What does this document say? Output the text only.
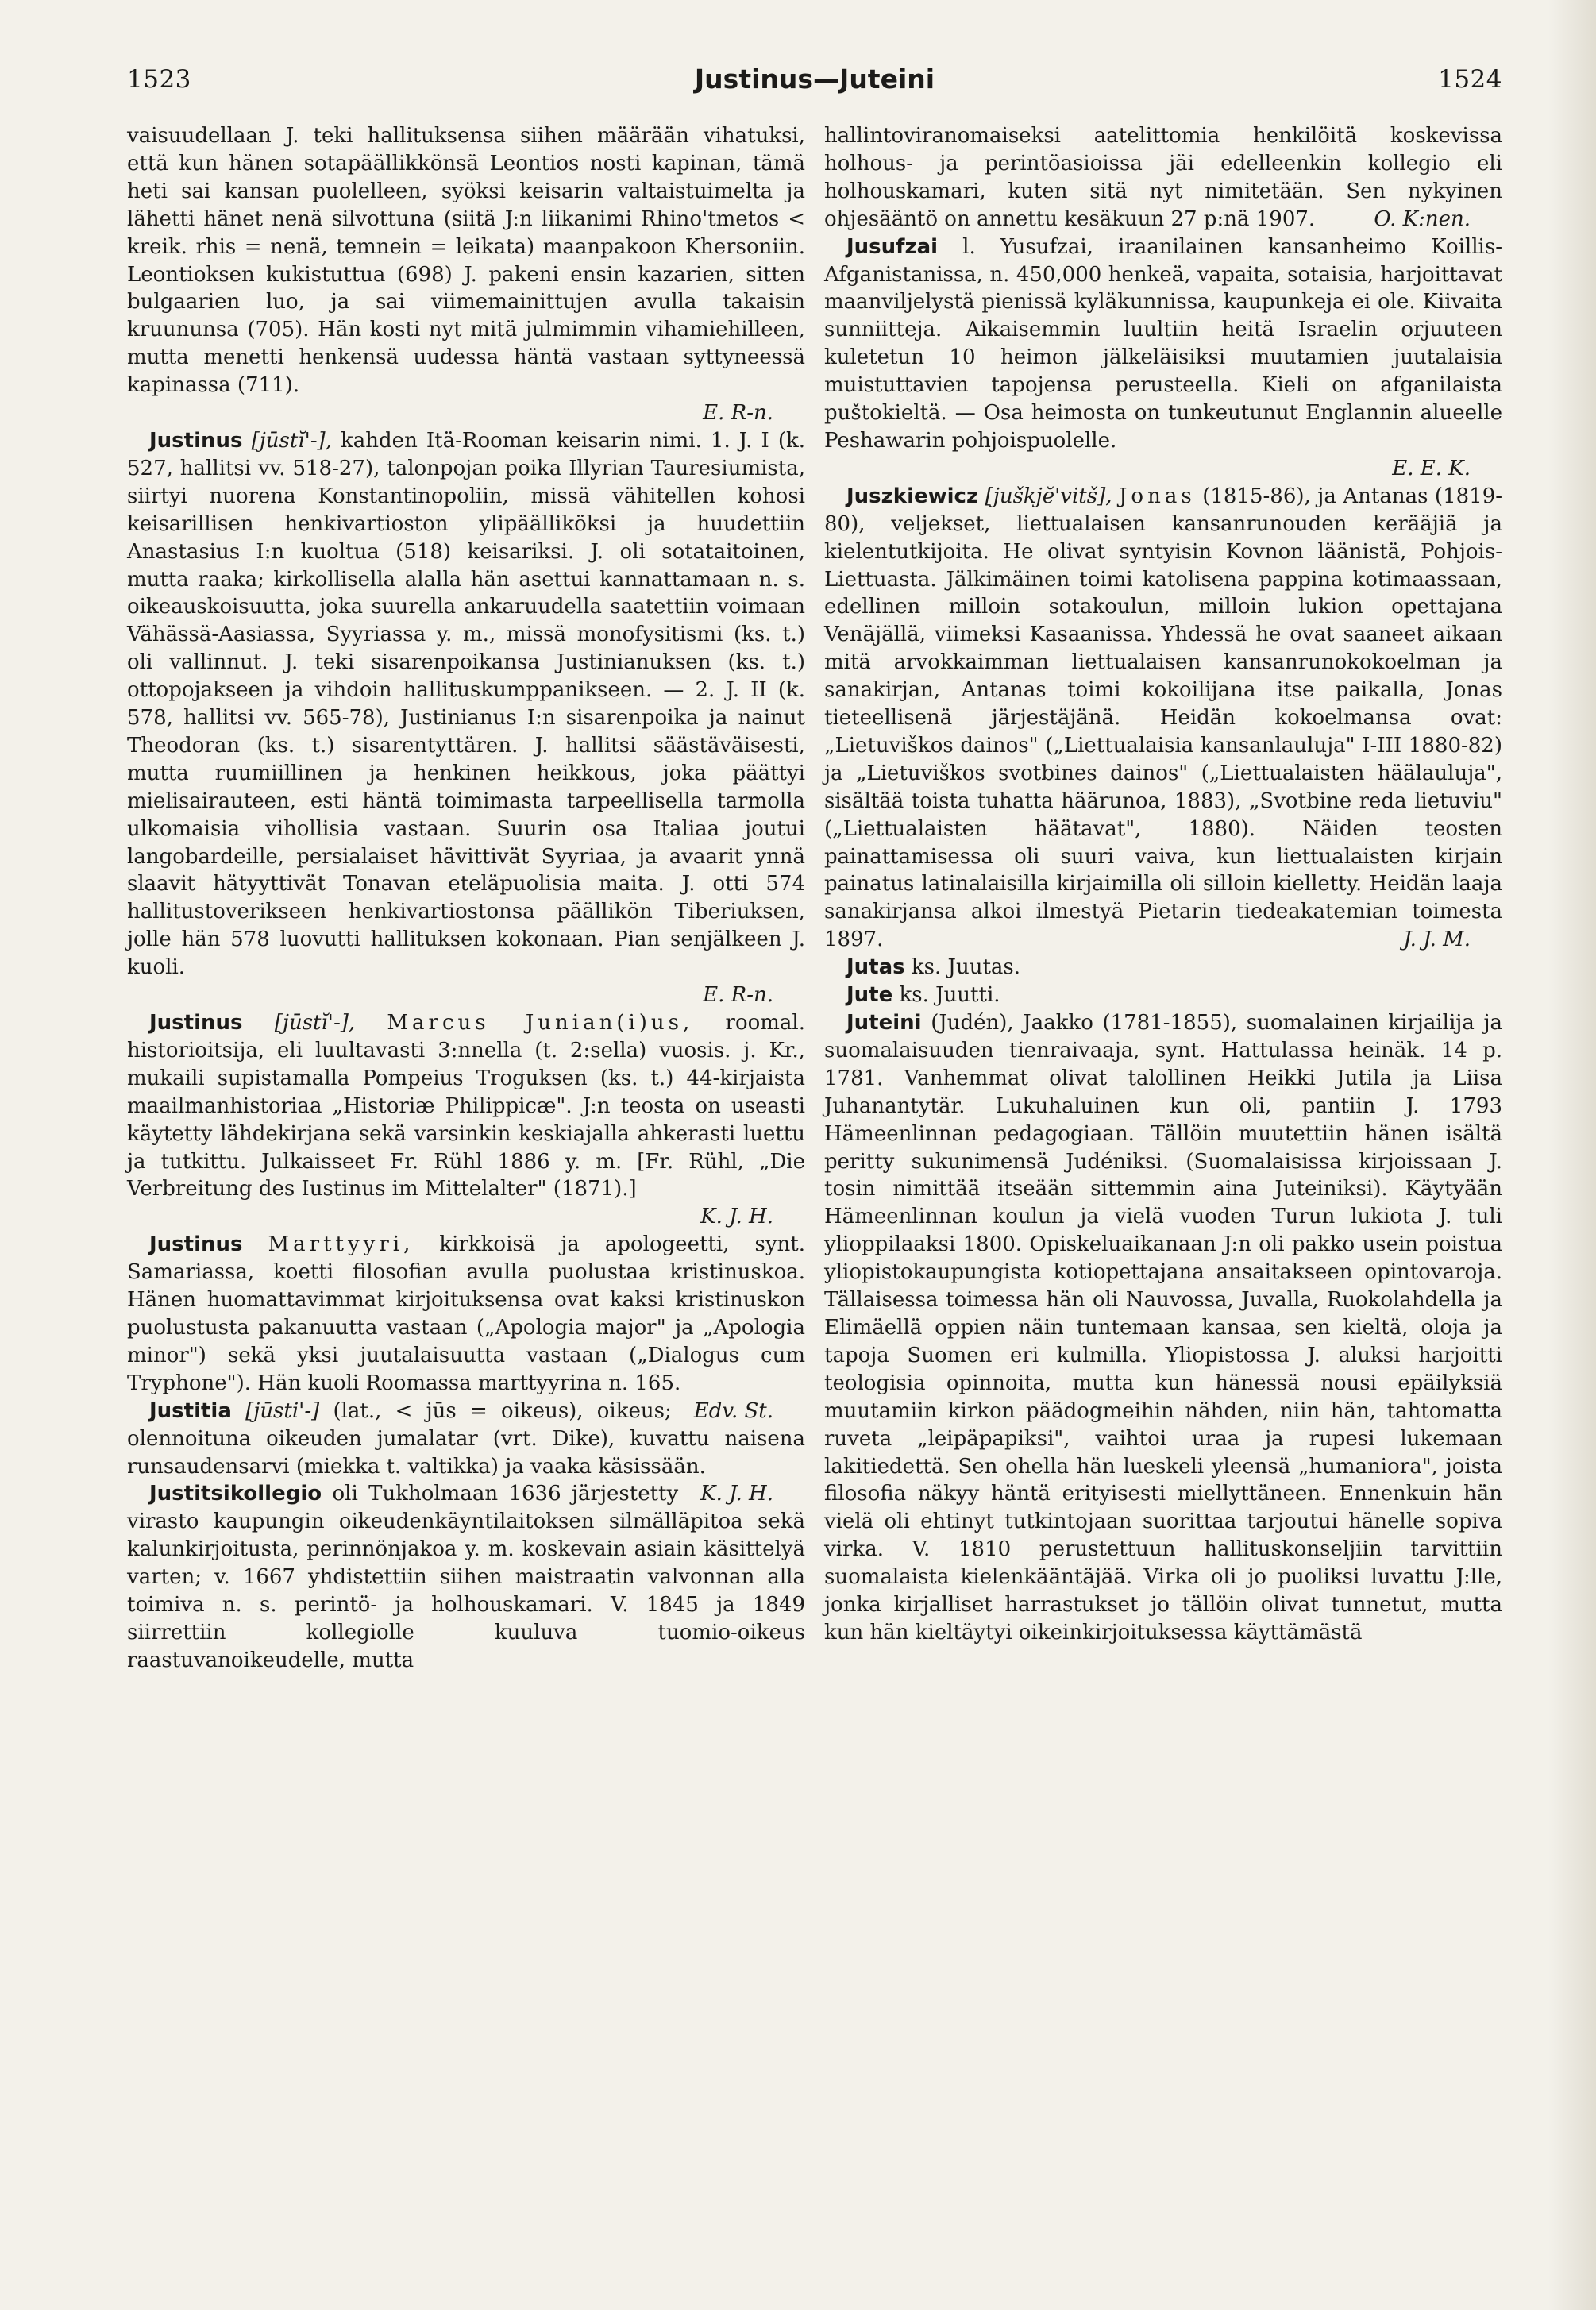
1523	Justinus—Juteini	1524

vaisuudellaan J. teki hallituksensa siihen määrään vihatuksi, että kun hänen sotapäällikkönsä Leontios nosti kapinan, tämä heti sai kansan puolelleen, syöksi keisarin valtaistuimelta ja lähetti hänet nenä silvottuna (siitä J:n liikanimi Rhino'tmetos < kreik. rhis = nenä, temnein = leikata) maanpakoon Khersoniin. Leontioksen kukistuttua (698) J. pakeni ensin kazarien, sitten bulgaarien luo, ja sai viimemainittujen avulla takaisin kruununsa (705). Hän kosti nyt mitä julmimmin vihamiehilleen, mutta menetti henkensä uudessa häntä vastaan syttyneessä kapinassa (711).
E. R-n.

Justinus [jūstĭ'-], kahden Itä-Rooman keisarin nimi. 1. J. I (k. 527, hallitsi vv. 518-27), talonpojan poika Illyrian Tauresiumista, siirtyi nuorena Konstantinopoliin, missä vähitellen kohosi keisarillisen henkivartioston ylipäälliköksi ja huudettiin Anastasius I:n kuoltua (518) keisariksi. J. oli sotataitoinen, mutta raaka; kirkollisella alalla hän asettui kannattamaan n. s. oikeauskoisuutta, joka suurella ankaruudella saatettiin voimaan Vähässä-Aasiassa, Syyriassa y. m., missä monofysitismi (ks. t.) oli vallinnut. J. teki sisarenpoikansa Justinianuksen (ks. t.) ottopojakseen ja vihdoin hallituskumppanikseen. — 2. J. II (k. 578, hallitsi vv. 565-78), Justinianus I:n sisarenpoika ja nainut Theodoran (ks. t.) sisarentyttären. J. hallitsi säästäväisesti, mutta ruumiillinen ja henkinen heikkous, joka päättyi mielisairauteen, esti häntä toimimasta tarpeellisella tarmolla ulkomaisia vihollisia vastaan. Suurin osa Italiaa joutui langobardeille, persialaiset hävittivät Syyriaa, ja avaarit ynnä slaavit hätyyttivät Tonavan eteläpuolisia maita. J. otti 574 hallitustoverikseen henkivartiostonsa päällikön Tiberiuksen, jolle hän 578 luovutti hallituksen kokonaan. Pian senjälkeen J. kuoli.
E. R-n.

Justinus [jūstĭ'-], Marcus Junian(i)us, roomal. historioitsija, eli luultavasti 3:nnella (t. 2:sella) vuosis. j. Kr., mukaili supistamalla Pompeius Troguksen (ks. t.) 44-kirjaista maailmanhistoriaa „Historiæ Philippicæ". J:n teosta on useasti käytetty lähdekirjana sekä varsinkin keskiajalla ahkerasti luettu ja tutkittu. Julkaisseet Fr. Rühl 1886 y. m. [Fr. Rühl, „Die Verbreitung des Iustinus im Mittelalter" (1871).]
K. J. H.

Justinus Marttyyri, kirkkoisä ja apologeetti, synt. Samariassa, koetti filosofian avulla puolustaa kristinuskoa. Hänen huomattavimmat kirjoituksensa ovat kaksi kristinuskon puolustusta pakanuutta vastaan („Apologia major" ja „Apologia minor") sekä yksi juutalaisuutta vastaan („Dialogus cum Tryphone"). Hän kuoli Roomassa marttyyrina n. 165.
Edv. St.

Justitia [jūsti'-] (lat., < jūs = oikeus), oikeus; olennoitunа oikeuden jumalatar (vrt. Dike), kuvattu naisena runsaudensarvi (miekka t. valtikka) ja vaaka käsissään.
K. J. H.

Justitsikollegio oli Tukholmaan 1636 järjestetty virasto kaupungin oikeudenkäyntilaitoksen silmälläpitoa sekä kalunkirjoitusta, perinnönjakoa y. m. koskevain asiain käsittelyä varten; v. 1667 yhdistettiin siihen maistraatin valvonnan alla toimiva n. s. perintö- ja holhouskamari. V. 1845 ja 1849 siirrettiin kollegiolle kuuluva tuomio-oikeus raastuvanoikeudelle, mutta

hallintoviranomaiseksi aatelittomia henkilöitä koskevissa holhous- ja perintöasioissa jäi edelleenkin kollegio eli holhouskamari, kuten sitä nyt nimitetään. Sen nykyinen ohjesääntö on annettu kesäkuun 27 p:nä 1907.	O. K:nen.

Jusufzai l. Yusufzai, iraanilainen kansanheimo Koillis-Afganistanissa, n. 450,000 henkeä, vapaita, sotaisia, harjoittavat maanviljelystä pienissä kyläkunnissa, kaupunkeja ei ole. Kiivaita sunniitteja. Aikaisemmin luultiin heitä Israelin orjuuteen kuletetun 10 heimon jälkeläisiksi muutamien juutalaisia muistuttavien tapojensa perusteella. Kieli on afganilaista puštokieltä. — Osa heimosta on tunkeutunut Englannin alueelle Peshawarin pohjoispuolelle.
E. E. K.

Juszkiewicz [juškjĕ'vitš], Jonas (1815-86), ja Antanas (1819-80), veljekset, liettualaisen kansanrunouden kerääjiä ja kielentutkijoita. He olivat syntyisin Kovnon läänistä, Pohjois-Liettuasta. Jälkimäinen toimi katolisena pappina kotimaassaan, edellinen milloin sotakoulun, milloin lukion opettajana Venäjällä, viimeksi Kasaanissa. Yhdessä he ovat saaneet aikaan mitä arvokkaimman liettualaisen kansanrunokokoelman ja sanakirjan, Antanas toimi kokoilijana itse paikalla, Jonas tieteellisenä järjestäjänä. Heidän kokoelmansa ovat: „Lietuviškos dainos" („Liettualaisia kansanlauluja" I-III 1880-82) ja „Lietuviškos svotbines dainos" („Liettualaisten häälauluja", sisältää toista tuhatta häärunoa, 1883), „Svotbine reda lietuviu" („Liettualaisten häätavat", 1880). Näiden teosten painattamisessa oli suuri vaiva, kun liettualaisten kirjain painatus latinalaisilla kirjaimilla oli silloin kielletty. Heidän laaja sanakirjansa alkoi ilmestyä Pietarin tiedeakatemian toimesta 1897.	J. J. M.

Jutas ks. Juutas.

Jute ks. Juutti.

Juteini (Judén), Jaakko (1781-1855), suomalainen kirjailija ja suomalaisuuden tienraivaaja, synt. Hattulassa heinäk. 14 p. 1781. Vanhemmat olivat talollinen Heikki Jutila ja Liisa Juhanantytär. Lukuhaluinen kun oli, pantiin J. 1793 Hämeenlinnan pedagogiaan. Tällöin muutettiin hänen isältä peritty sukunimensä Judéniksi. (Suomalaisissa kirjoissaan J. tosin nimittää itseään sittemmin aina Juteiniksi). Käytyään Hämeenlinnan koulun ja vielä vuoden Turun lukiota J. tuli ylioppilaaksi 1800. Opiskeluaikanaan J:n oli pakko usein poistua yliopistokaupungista kotiopettajana ansaitakseen opintovaroja. Tällaisessa toimessa hän oli Nauvossa, Juvalla, Ruokolahdella ja Elimäellä oppien näin tuntemaan kansaa, sen kieltä, oloja ja tapoja Suomen eri kulmilla. Yliopistossa J. aluksi harjoitti teologisia opinnoita, mutta kun hänessä nousi epäilyksiä muutamiin kirkon päädogmeihin nähden, niin hän, tahtomatta ruveta „leipäpapiksi", vaihtoi uraa ja rupesi lukemaan lakitiedettä. Sen ohella hän lueskeli yleensä „humaniora", joista filosofia näkyy häntä erityisesti miellyttäneen. Ennenkuin hän vielä oli ehtinyt tutkintojaan suorittaa tarjoutui hänelle sopiva virka. V. 1810 perustettuun hallituskonseljiin tarvittiin suomalaista kielenkääntäjää. Virka oli jo puoliksi luvattu J:lle, jonka kirjalliset harrastukset jo tällöin olivat tunnetut, mutta kun hän kieltäytyi oikeinkirjoituksessa käyttämästä
